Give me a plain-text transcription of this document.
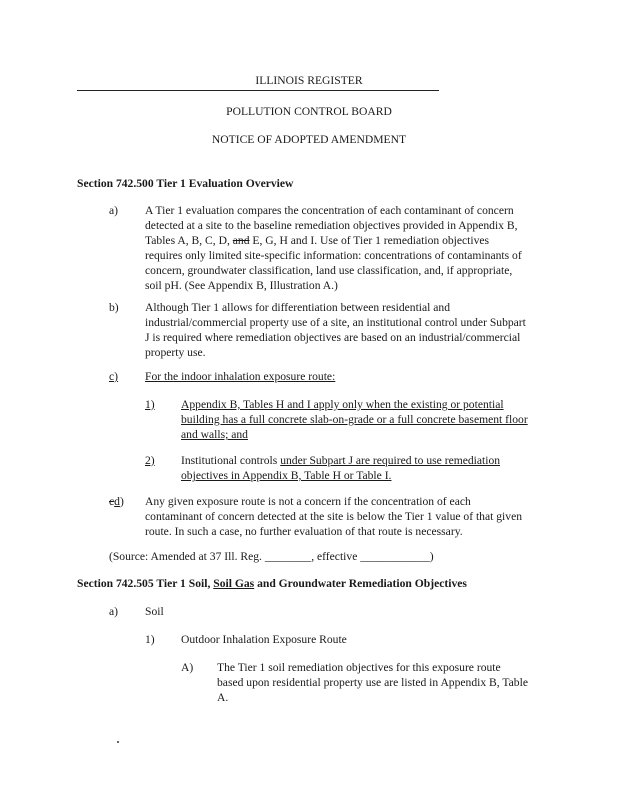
ILLINOIS REGISTER
POLLUTION CONTROL BOARD
NOTICE OF ADOPTED AMENDMENT
Section 742.500 Tier 1 Evaluation Overview
a) A Tier 1 evaluation compares the concentration of each contaminant of concern
detected at a site to the baseline remediation objectives provided in Appendix B,
Tables A, B, C, D, and E, G, H and I. Use of Tier 1 remediation objectives
requires only limited site-specific information: concentrations of contaminants of
concern, groundwater classification, land use classification, and, if appropriate,
soil pH. (See Appendix B, Illustration A.)
b) Although Tier 1 allows for differentiation between residential and
industrial/commercial property use of a site, an institutional control under Subpart
J is required where remediation objectives are based on an industrial/commercial
property use.
c) For the indoor inhalation exposure route:
1) Appendix B, Tables H and I apply only when the existing or potential
building has a full concrete slab-on-grade or a full concrete basement floor
and walls; and
2) Institutional controls under Subpart J are required to use remediation
objectives in Appendix B, Table H or Table I.
cd) Any given exposure route is not a concern if the concentration of each
contaminant of concern detected at the site is below the Tier 1 value of that given
route. In such a case, no further evaluation of that route is necessary.
(Source: Amended at 37 Ill. Reg. ________, effective ____________)
Section 742.505 Tier 1 Soil, Soil Gas and Groundwater Remediation Objectives
a) Soil
1) Outdoor Inhalation Exposure Route
A) The Tier 1 soil remediation objectives for this exposure route
based upon residential property use are listed in Appendix B, Table
A.
